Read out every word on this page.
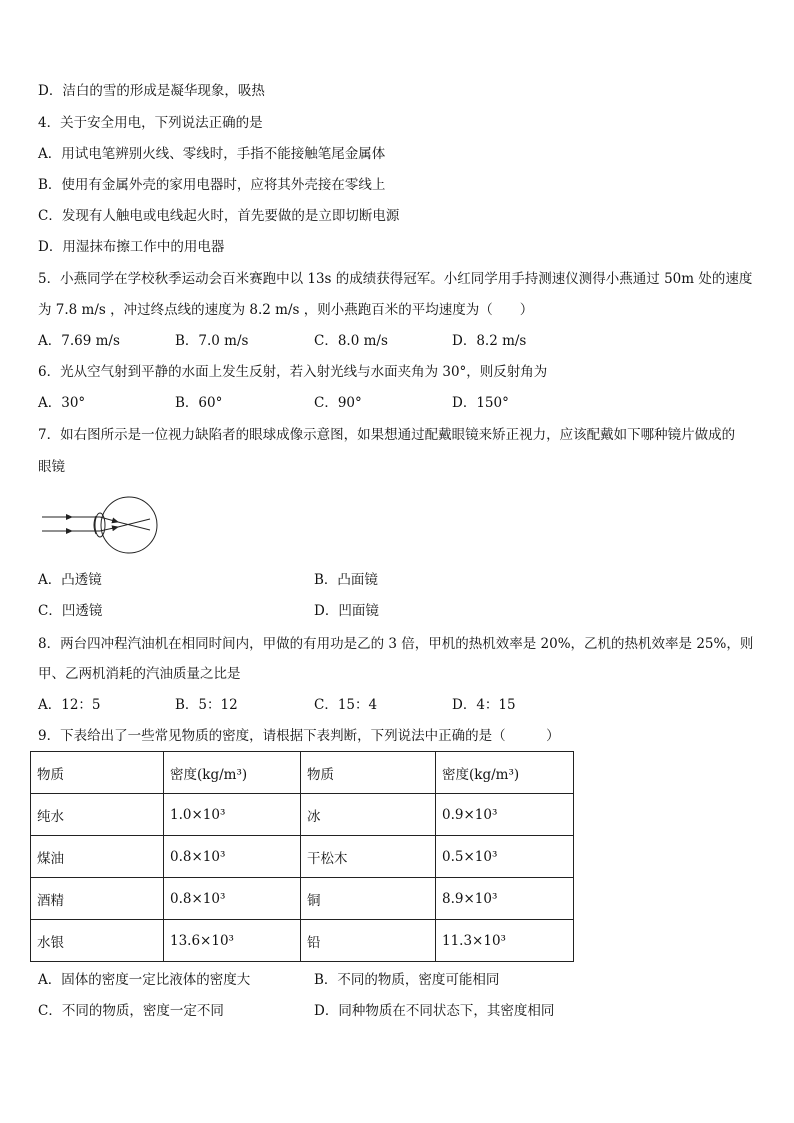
D．洁白的雪的形成是凝华现象，吸热
4．关于安全用电，下列说法正确的是
A．用试电笔辨别火线、零线时，手指不能接触笔尾金属体
B．使用有金属外壳的家用电器时，应将其外壳接在零线上
C．发现有人触电或电线起火时，首先要做的是立即切断电源
D．用湿抹布擦工作中的用电器
5．小燕同学在学校秋季运动会百米赛跑中以 13s 的成绩获得冠军。小红同学用手持测速仪测得小燕通过 50m 处的速度
为 7.8 m/s ，冲过终点线的速度为 8.2 m/s ，则小燕跑百米的平均速度为（　　）
A．7.69 m/s	B．7.0 m/s	C．8.0 m/s	D．8.2 m/s
6．光从空气射到平静的水面上发生反射，若入射光线与水面夹角为 30°，则反射角为
A．30°	B．60°	C．90°	D．150°
7．如右图所示是一位视力缺陷者的眼球成像示意图，如果想通过配戴眼镜来矫正视力，应该配戴如下哪种镜片做成的
眼镜
A．凸透镜	B．凸面镜
C．凹透镜	D．凹面镜
8．两台四冲程汽油机在相同时间内，甲做的有用功是乙的 3 倍，甲机的热机效率是 20%，乙机的热机效率是 25%，则
甲、乙两机消耗的汽油质量之比是
A．12：5	B．5：12	C．15：4	D．4：15
9．下表给出了一些常见物质的密度，请根据下表判断，下列说法中正确的是（　　　）
物质	密度(kg/m³)	物质	密度(kg/m³)
纯水	1.0×10³	冰	0.9×10³
煤油	0.8×10³	干松木	0.5×10³
酒精	0.8×10³	铜	8.9×10³
水银	13.6×10³	铅	11.3×10³
A．固体的密度一定比液体的密度大	B．不同的物质，密度可能相同
C．不同的物质，密度一定不同	D．同种物质在不同状态下，其密度相同
